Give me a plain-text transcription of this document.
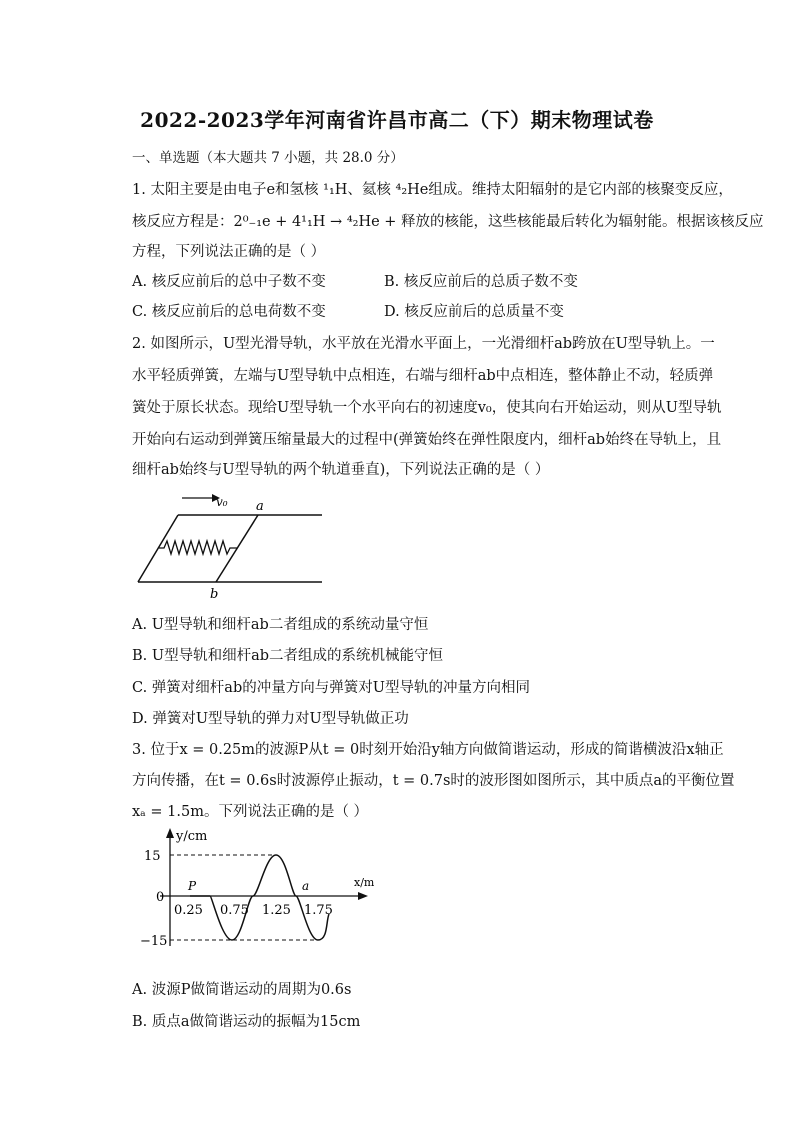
2022-2023学年河南省许昌市高二（下）期末物理试卷
一、单选题（本大题共 7 小题，共 28.0 分）
1. 太阳主要是由电子e和氢核 ¹₁H、氦核 ⁴₂He组成。维持太阳辐射的是它内部的核聚变反应，
核反应方程是：2⁰₋₁e + 4¹₁H → ⁴₂He + 释放的核能，这些核能最后转化为辐射能。根据该核反应
方程，下列说法正确的是（ ）
A. 核反应前后的总中子数不变	B. 核反应前后的总质子数不变
C. 核反应前后的总电荷数不变	D. 核反应前后的总质量不变
2. 如图所示，U型光滑导轨，水平放在光滑水平面上，一光滑细杆ab跨放在U型导轨上。一
水平轻质弹簧，左端与U型导轨中点相连，右端与细杆ab中点相连，整体静止不动，轻质弹
簧处于原长状态。现给U型导轨一个水平向右的初速度v₀，使其向右开始运动，则从U型导轨
开始向右运动到弹簧压缩量最大的过程中(弹簧始终在弹性限度内，细杆ab始终在导轨上，且
细杆ab始终与U型导轨的两个轨道垂直)，下列说法正确的是（ ）
v₀ a
b
A. U型导轨和细杆ab二者组成的系统动量守恒
B. U型导轨和细杆ab二者组成的系统机械能守恒
C. 弹簧对细杆ab的冲量方向与弹簧对U型导轨的冲量方向相同
D. 弹簧对U型导轨的弹力对U型导轨做正功
3. 位于x = 0.25m的波源P从t = 0时刻开始沿y轴方向做简谐运动，形成的简谐横波沿x轴正
方向传播，在t = 0.6s时波源停止振动，t = 0.7s时的波形图如图所示，其中质点a的平衡位置
xₐ = 1.5m。下列说法正确的是（ ）
y/cm
x/m
15
0
−15
0.25 0.75 1.25 1.75
P	a
A. 波源P做简谐运动的周期为0.6s
B. 质点a做简谐运动的振幅为15cm
